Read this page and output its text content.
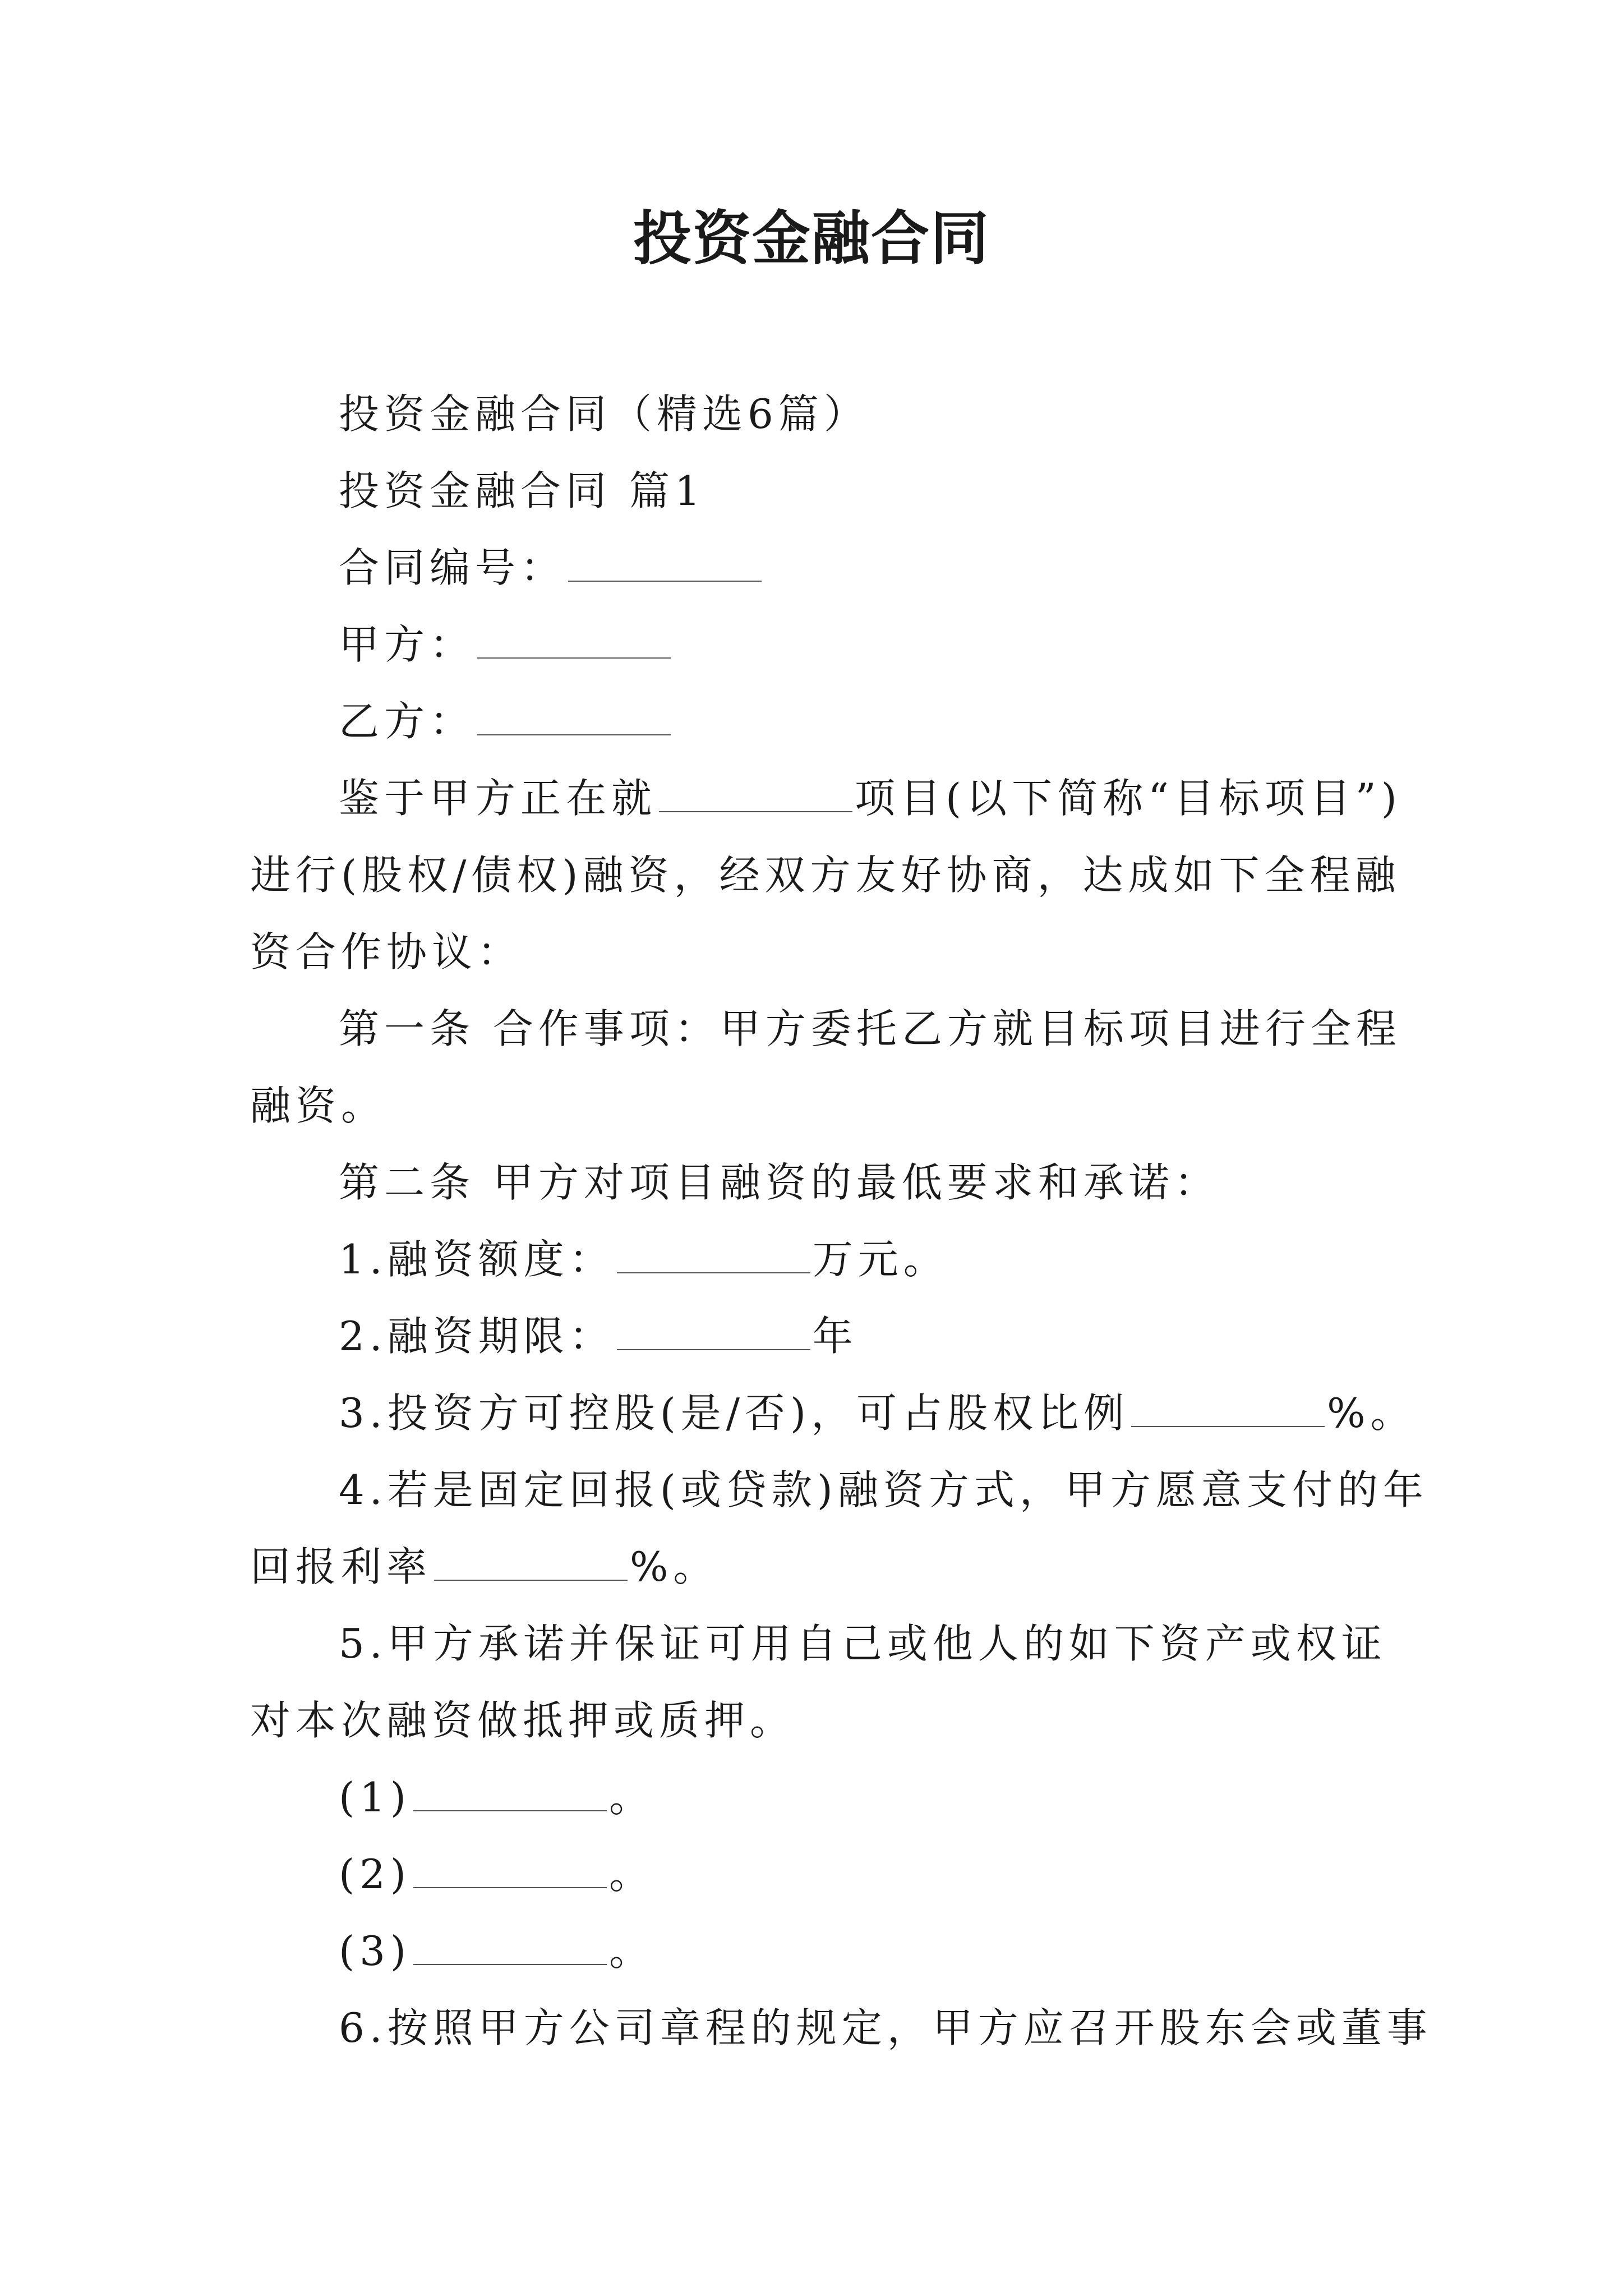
投资金融合同

投资金融合同（精选6篇）

投资金融合同 篇1

合同编号：

甲方：

乙方：

鉴于甲方正在就	项目(以下简称“目标项目”)

进行(股权/债权)融资，经双方友好协商，达成如下全程融

资合作协议：

第一条 合作事项：甲方委托乙方就目标项目进行全程

融资。

第二条 甲方对项目融资的最低要求和承诺：

1.融资额度：	万元。

2.融资期限：	年

3.投资方可控股(是/否)，可占股权比例	%。

4.若是固定回报(或贷款)融资方式，甲方愿意支付的年

回报利率	%。

5.甲方承诺并保证可用自己或他人的如下资产或权证

对本次融资做抵押或质押。

(1)	。

(2)	。

(3)	。

6.按照甲方公司章程的规定，甲方应召开股东会或董事
